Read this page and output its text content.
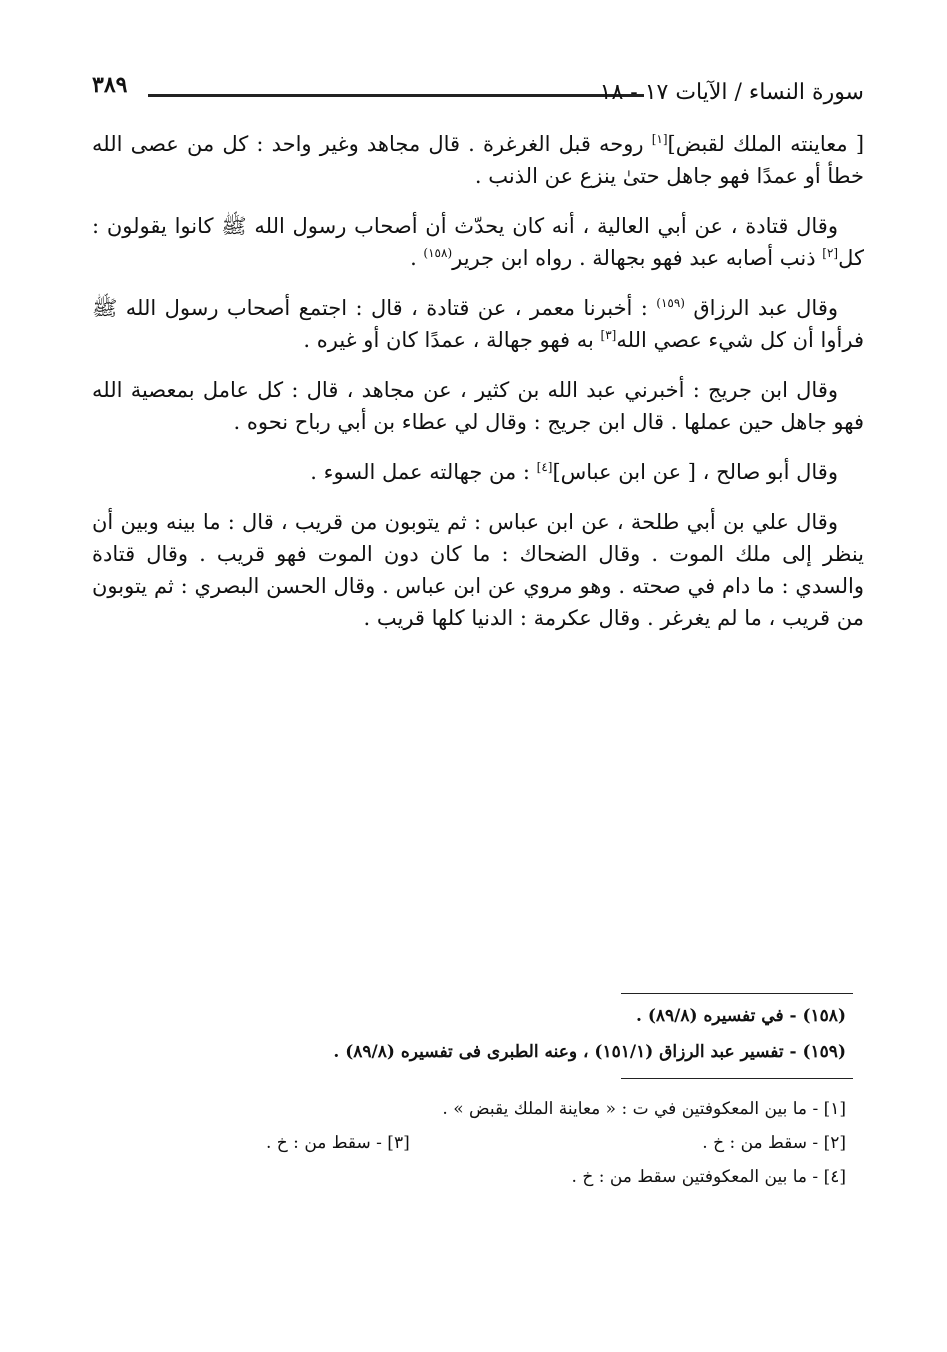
٣٨٩	سورة النساء / الآيات ١٧ - ١٨

[ معاينته الملك لقبض][١] روحه قبل الغرغرة . قال مجاهد وغير واحد : كل من عصى الله خطأ أو عمدًا فهو جاهل حتىٰ ينزع عن الذنب .

وقال قتادة ، عن أبي العالية ، أنه كان يحدّث أن أصحاب رسول الله ﷺ كانوا يقولون : كل[٢] ذنب أصابه عبد فهو بجهالة . رواه ابن جرير$^{(١٥٨)}$ .

وقال عبد الرزاق $^{(١٥٩)}$ : أخبرنا معمر ، عن قتادة ، قال : اجتمع أصحاب رسول الله ﷺ فرأوا أن كل شيء عصي الله[٣] به فهو جهالة ، عمدًا كان أو غيره .

وقال ابن جريج : أخبرني عبد الله بن كثير ، عن مجاهد ، قال : كل عامل بمعصية الله فهو جاهل حين عملها . قال ابن جريج : وقال لي عطاء بن أبي رباح نحوه .

وقال أبو صالح ، [ عن ابن عباس][٤] : من جهالته عمل السوء .

وقال علي بن أبي طلحة ، عن ابن عباس : ثم يتوبون من قريب ، قال : ما بينه وبين أن ينظر إلى ملك الموت . وقال الضحاك : ما كان دون الموت فهو قريب . وقال قتادة والسدي : ما دام في صحته . وهو مروي عن ابن عباس . وقال الحسن البصري : ثم يتوبون من قريب ، ما لم يغرغر . وقال عكرمة : الدنيا كلها قريب .

(١٥٨) - في تفسيره (٨٩/٨) .

(١٥٩) - تفسير عبد الرزاق (١٥١/١) ، وعنه الطبرى فى تفسيره (٨٩/٨) .

[١] - ما بين المعكوفتين في ت : « معاينة الملك يقبض » .

[٢] - سقط من : خ .
[٣] - سقط من : خ .

[٤] - ما بين المعكوفتين سقط من : خ .
